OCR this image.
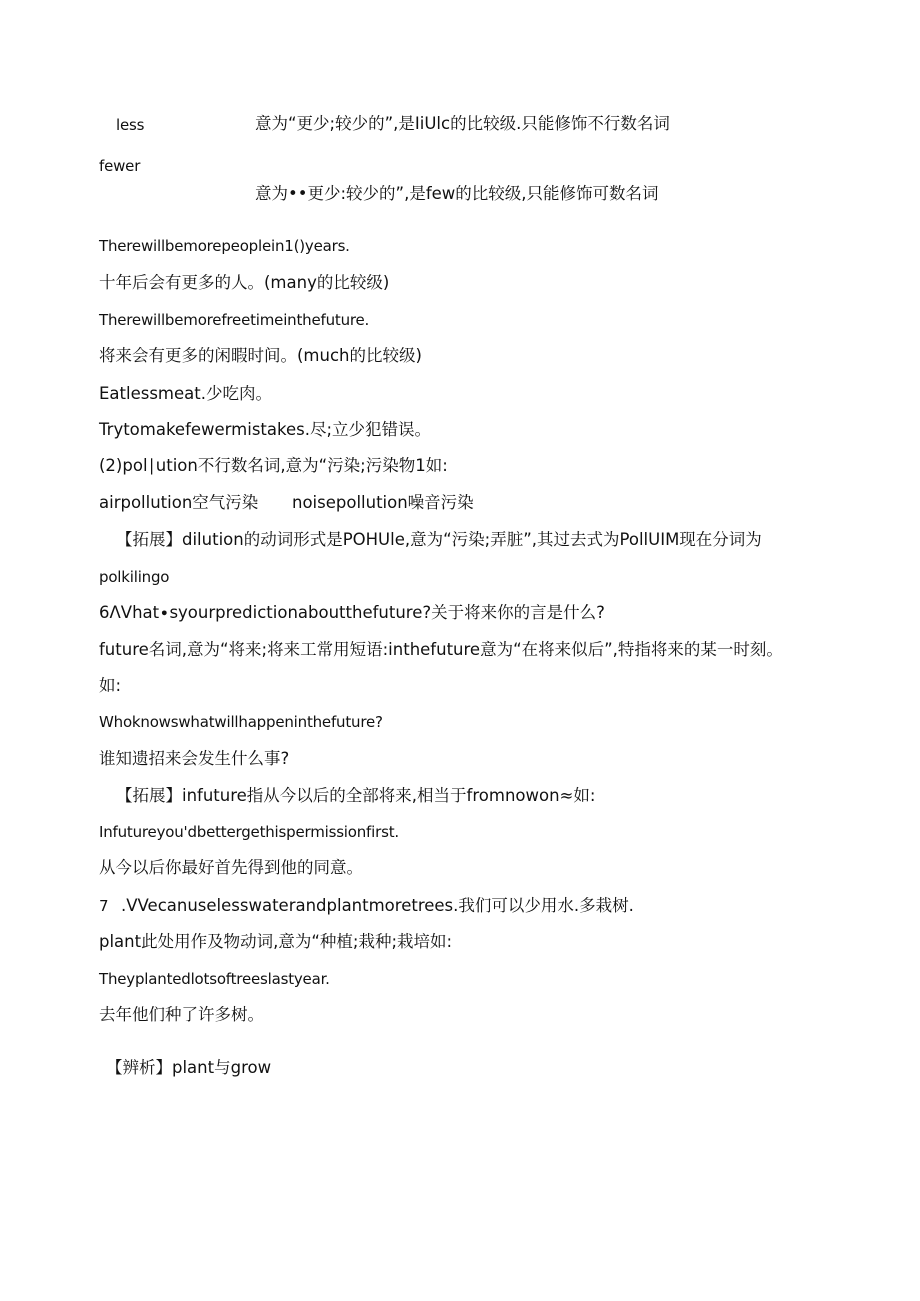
less	意为“更少;较少的”,是IiUlc的比较级.只能修饰不行数名词
fewer
意为••更少:较少的”,是few的比较级,只能修饰可数名词
Therewillbemorepeoplein1()years.
十年后会有更多的人。(many的比较级)
Therewillbemorefreetimeinthefuture.
将来会有更多的闲暇时间。(much的比较级)
Eatlessmeat.少吃肉。
Trytomakefewermistakes.尽;立少犯错误。
(2)pol∣ution不行数名词,意为“污染;污染物1如:
airpollution空气污染 noisepollution噪音污染
【拓展】dilution的动词形式是POHUle,意为“污染;弄脏”,其过去式为PollUIM现在分词为
polkilingo
6ΛVhat∙syourpredictionaboutthefuture?关于将来你的言是什么?
future名词,意为“将来;将来工常用短语:inthefuture意为“在将来似后”,特指将来的某一时刻。
如:
Whoknowswhatwillhappeninthefuture?
谁知遗招来会发生什么事?
【拓展】infuture指从今以后的全部将来,相当于fromnowon≈如:
Infutureyou'dbettergethispermissionfirst.
从今以后你最好首先得到他的同意。
7 .VVecanuselesswaterandplantmoretrees.我们可以少用水.多栽树.
plant此处用作及物动词,意为“种植;栽种;栽培如:
Theyplantedlotsoftreeslastyear.
去年他们种了许多树。
【辨析】plant与grow
